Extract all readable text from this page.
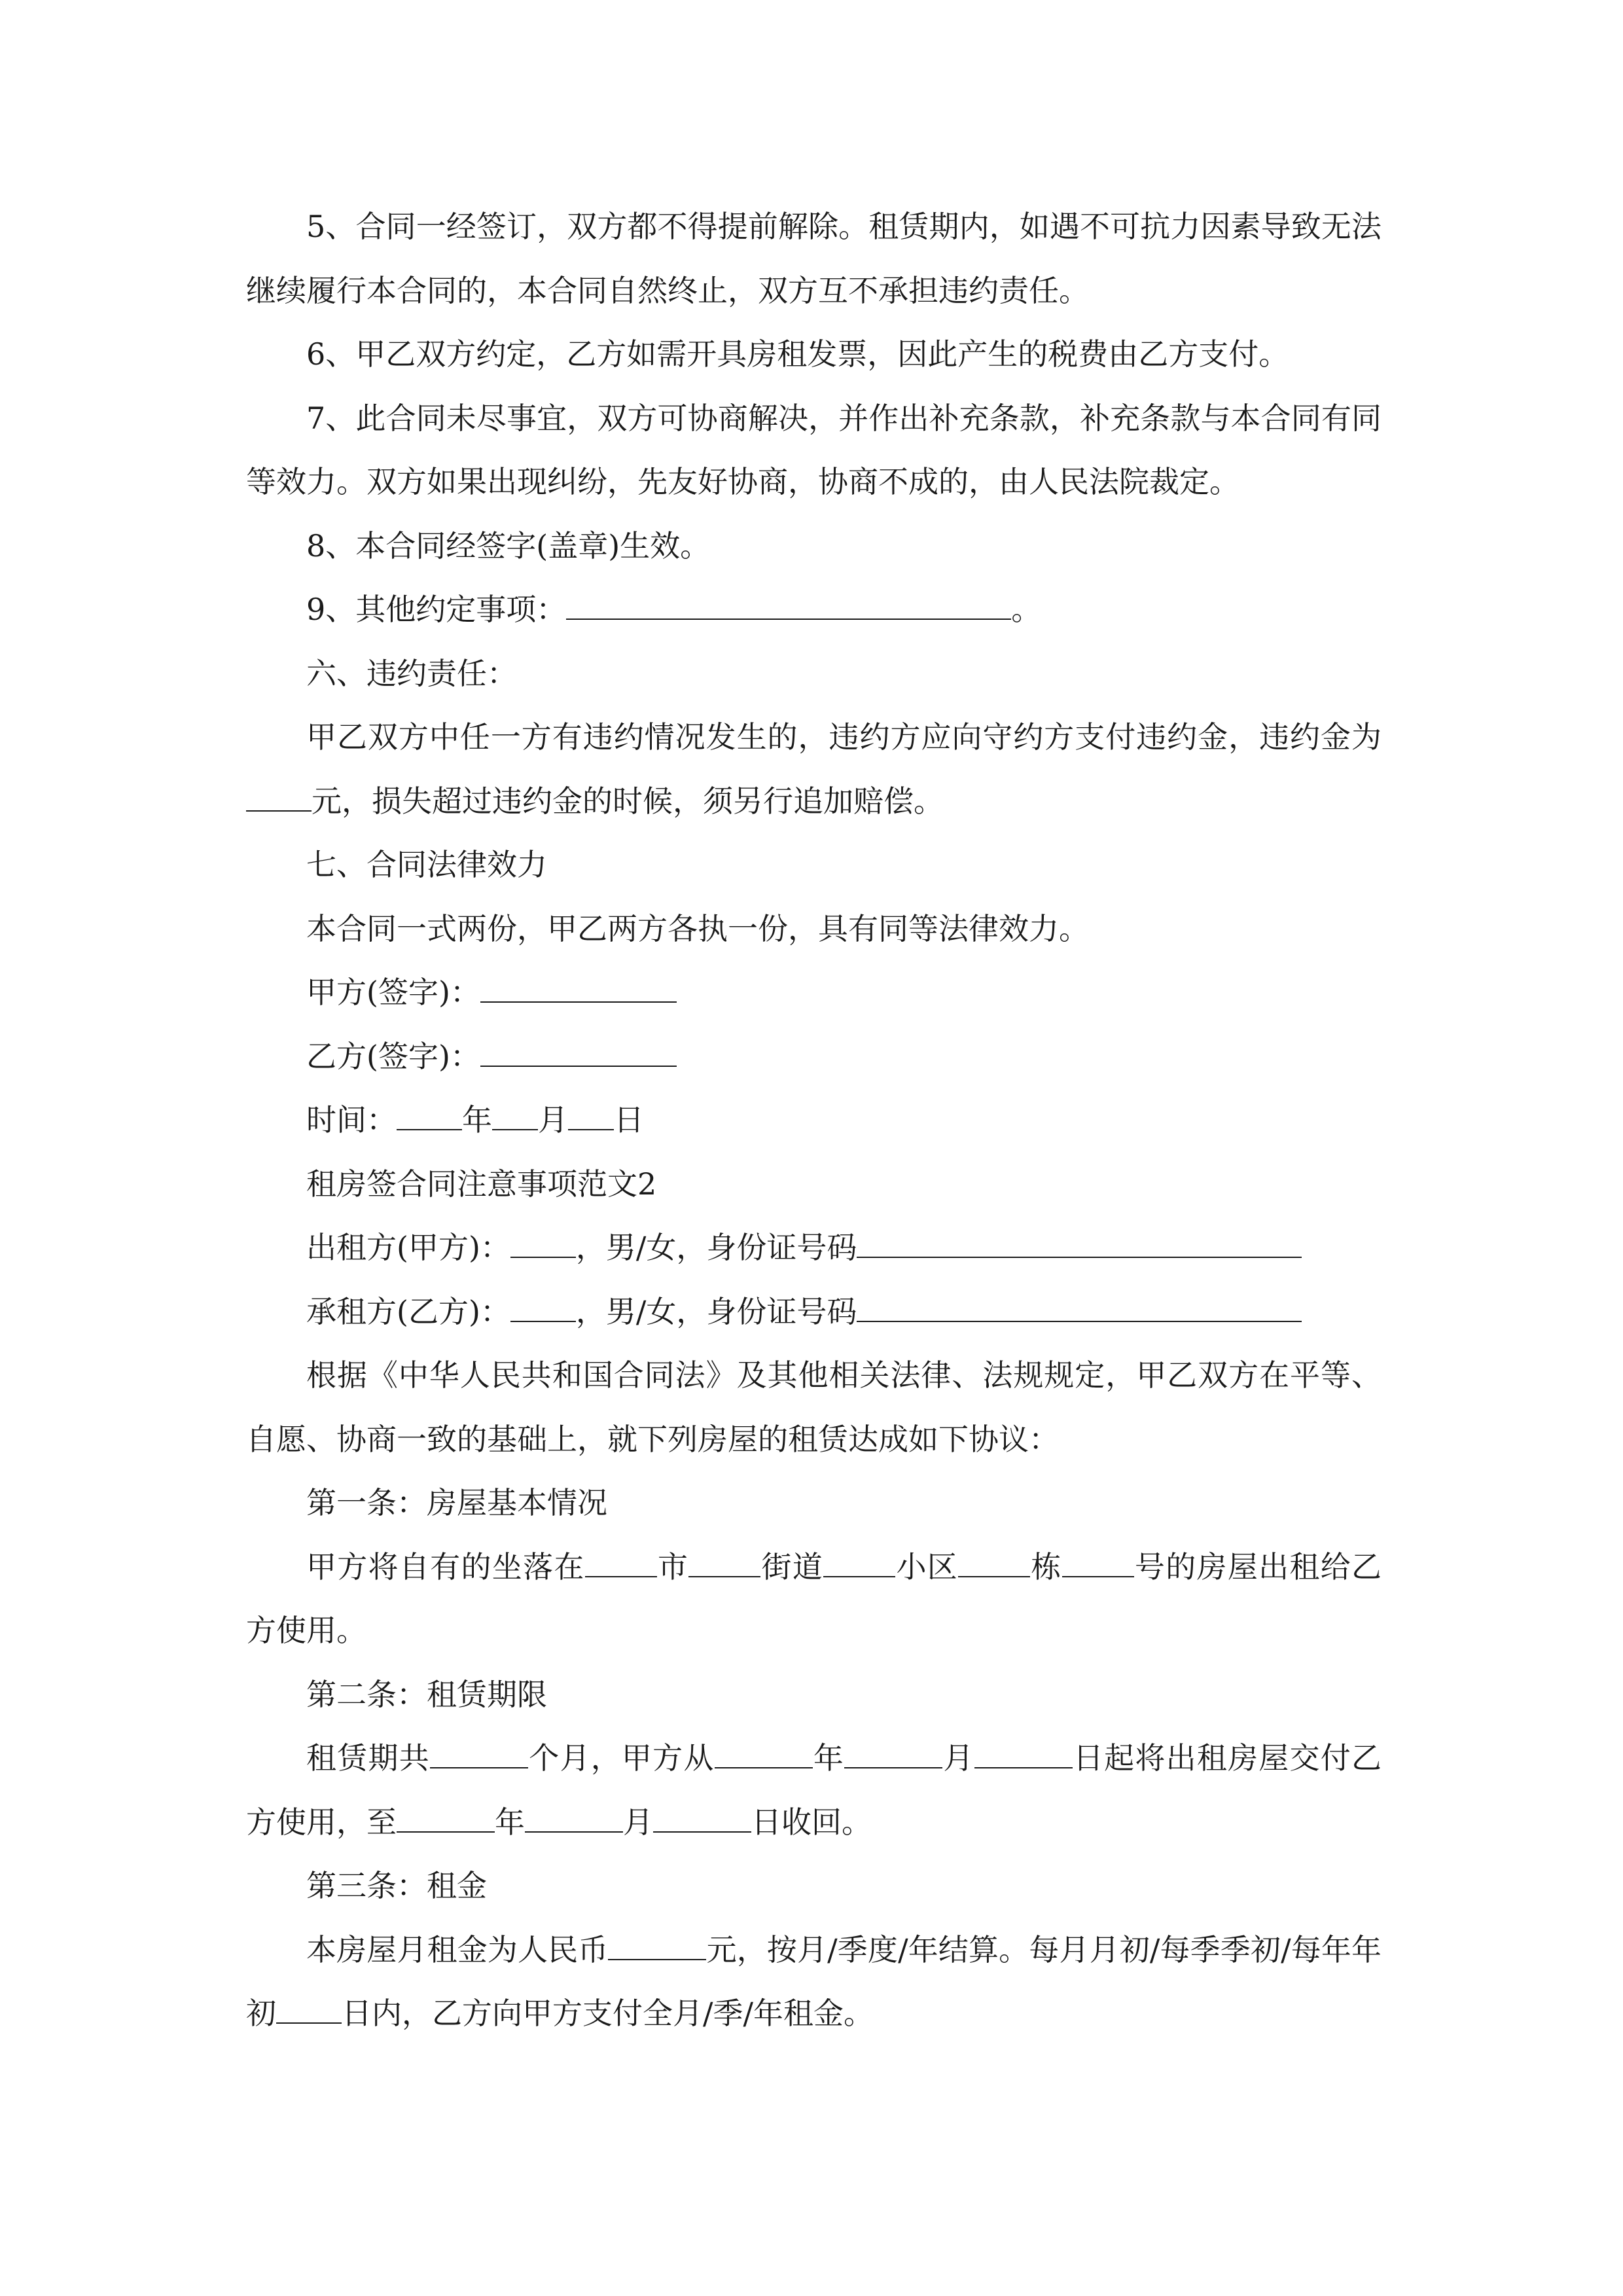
5、合同一经签订，双方都不得提前解除。租赁期内，如遇不可抗力因素导致无法继续履行本合同的，本合同自然终止，双方互不承担违约责任。
6、甲乙双方约定，乙方如需开具房租发票，因此产生的税费由乙方支付。
7、此合同未尽事宜，双方可协商解决，并作出补充条款，补充条款与本合同有同等效力。双方如果出现纠纷，先友好协商，协商不成的，由人民法院裁定。
8、本合同经签字(盖章)生效。
9、其他约定事项：	。
六、违约责任：
甲乙双方中任一方有违约情况发生的，违约方应向守约方支付违约金，违约金为元，损失超过违约金的时候，须另行追加赔偿。
七、合同法律效力
本合同一式两份，甲乙两方各执一份，具有同等法律效力。
甲方(签字)：
乙方(签字)：
时间： 年 月 日
租房签合同注意事项范文2
出租方(甲方)： ，男/女，身份证号码
承租方(乙方)： ，男/女，身份证号码
根据《中华人民共和国合同法》及其他相关法律、法规规定，甲乙双方在平等、自愿、协商一致的基础上，就下列房屋的租赁达成如下协议：
第一条：房屋基本情况
甲方将自有的坐落在 市 街道 小区 栋 号的房屋出租给乙方使用。
第二条：租赁期限
租赁期共	个月，甲方从	年	月	日起将出租房屋交付乙方使用，至	年	月	日收回。
第三条：租金
本房屋月租金为人民币	元，按月/季度/年结算。每月月初/每季季初/每年年初 日内，乙方向甲方支付全月/季/年租金。
